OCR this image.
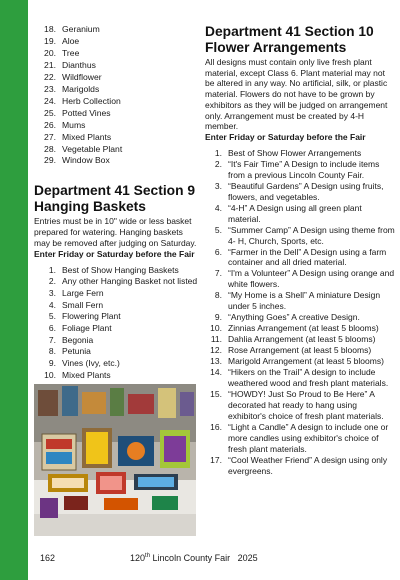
18. Geranium
19. Aloe
20. Tree
21. Dianthus
22. Wildflower
23. Marigolds
24. Herb Collection
25. Potted Vines
26. Mums
27. Mixed Plants
28. Vegetable Plant
29. Window Box
Department 41 Section 9
Hanging Baskets

Entries must be in 10" wide or less basket prepared for watering. Hanging baskets may be removed after judging on Saturday.

Enter Friday or Saturday before the Fair

1. Best of Show Hanging Baskets
2. Any other Hanging Basket not listed
3. Large Fern
4. Small Fern
5. Flowering Plant
6. Foliage Plant
7. Begonia
8. Petunia
9. Vines (Ivy, etc.)
10. Mixed Plants
Department 41 Section 10
Flower Arrangements

All designs must contain only live fresh plant material, except Class 6. Plant material may not be altered in any way. No artificial, silk, or plastic material. Flowers do not have to be grown by exhibitors as they will be judged on arrangement only. Arrangement must be created by 4-H member.

Enter Friday or Saturday before the Fair

1. Best of Show Flower Arrangements
2. “It's Fair Time” A Design to include items from a previous Lincoln County Fair.
3. “Beautiful Gardens” A Design using fruits, flowers, and vegetables.
4. “4-H” A Design using all green plant material.
5. “Summer Camp” A Design using theme from 4- H, Church, Sports, etc.
6. “Farmer in the Dell” A Design using a farm container and all dried material.
7. “I'm a Volunteer” A Design using orange and white flowers.
8. “My Home is a Shell” A miniature Design under 5 inches.
9. “Anything Goes” A creative Design.
10. Zinnias Arrangement (at least 5 blooms)
11. Dahlia Arrangement (at least 5 blooms)
12. Rose Arrangement (at least 5 blooms)
13. Marigold Arrangement (at least 5 blooms)
14. “Hikers on the Trail” A design to include weathered wood and fresh plant materials.
15. “HOWDY! Just So Proud to Be Here” A decorated hat ready to hang using exhibitor's choice of fresh plant materials.
16. “Light a Candle” A design to include one or more candles using exhibitor's choice of fresh plant materials.
17. “Cool Weather Friend” A design using only evergreens.
162	120th Lincoln County Fair   2025
